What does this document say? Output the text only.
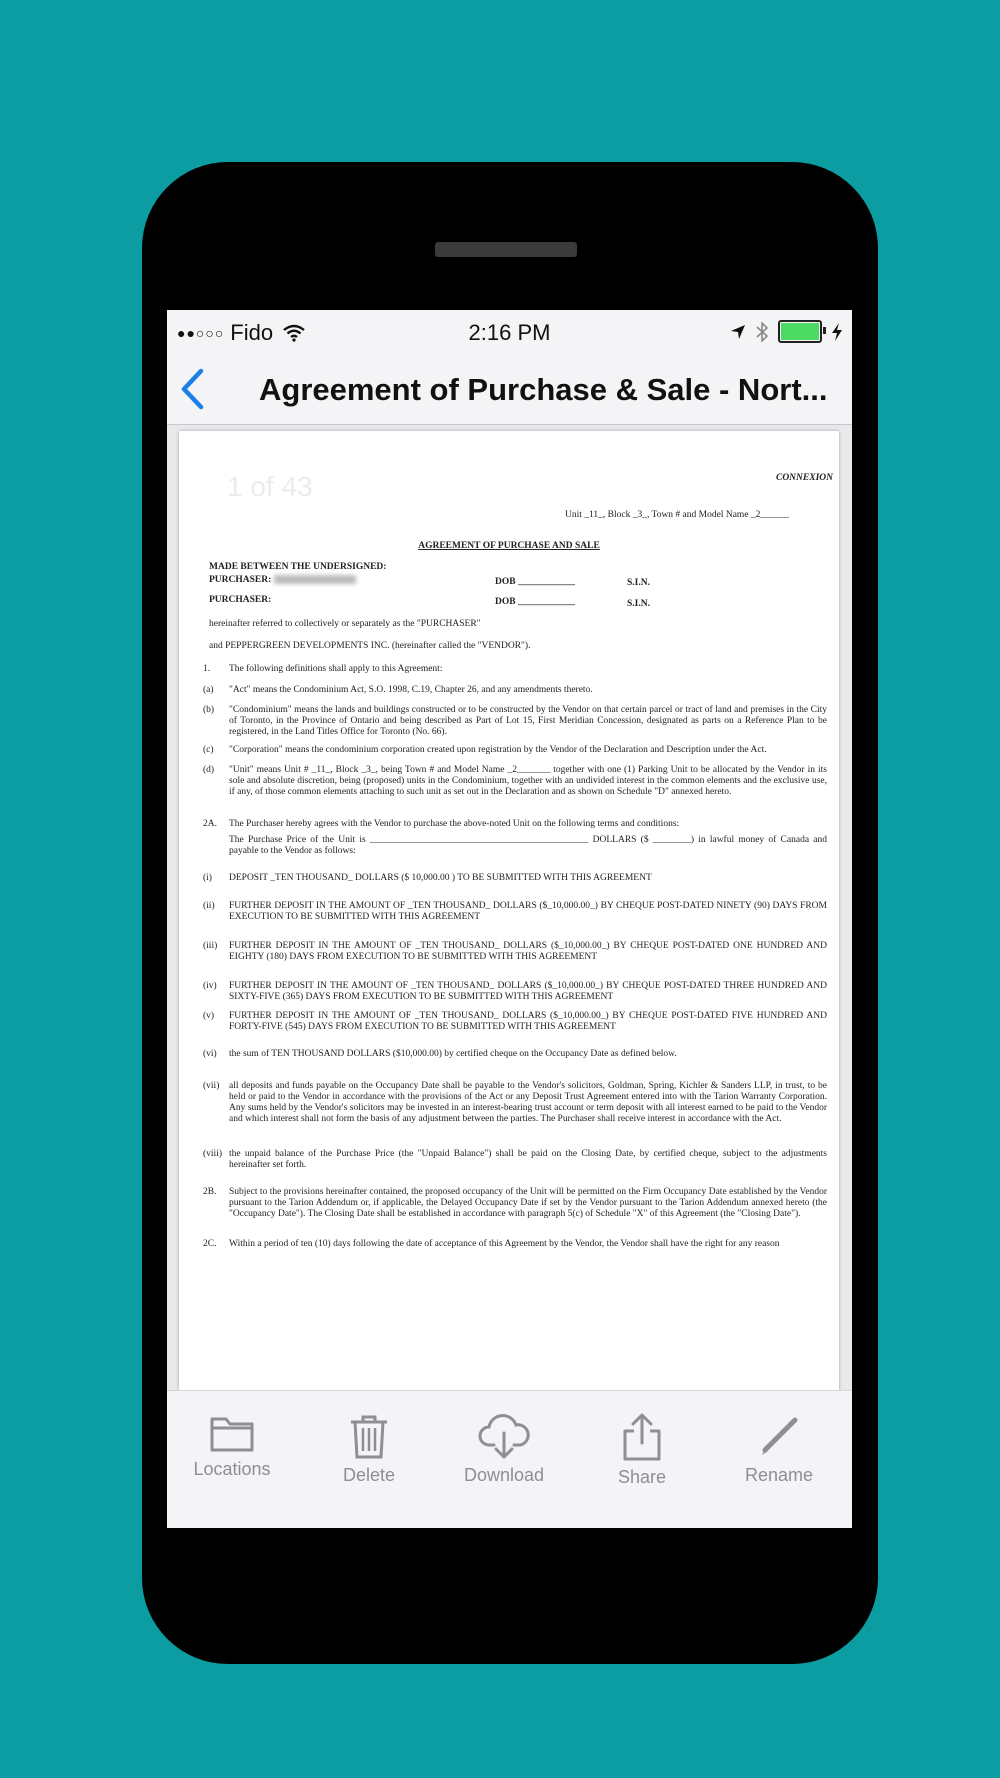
●●○○○ Fido	2:16 PM
Agreement of Purchase & Sale - Nort...
1 of 43	CONNEXION
Unit _11_, Block _3_, Town # and Model Name _2______
AGREEMENT OF PURCHASE AND SALE
MADE BETWEEN THE UNDERSIGNED:
PURCHASER:	DOB ____________	S.I.N.
PURCHASER:	DOB ____________	S.I.N.
hereinafter referred to collectively or separately as the "PURCHASER"
and PEPPERGREEN DEVELOPMENTS INC. (hereinafter called the "VENDOR").
1.	The following definitions shall apply to this Agreement:
(a)	"Act" means the Condominium Act, S.O. 1998, C.19, Chapter 26, and any amendments thereto.
(b)	"Condominium" means the lands and buildings constructed or to be constructed by the Vendor on that certain parcel or tract of land and premises in the City of Toronto, in the Province of Ontario and being described as Part of Lot 15, First Meridian Concession, designated as parts on a Reference Plan to be registered, in the Land Titles Office for Toronto (No. 66).
(c)	"Corporation" means the condominium corporation created upon registration by the Vendor of the Declaration and Description under the Act.
(d)	"Unit" means Unit # _11_, Block _3_, being Town # and Model Name _2_______ together with one (1) Parking Unit to be allocated by the Vendor in its sole and absolute discretion, being (proposed) units in the Condominium, together with an undivided interest in the common elements and the exclusive use, if any, of those common elements attaching to such unit as set out in the Declaration and as shown on Schedule "D" annexed hereto.
2A.	The Purchaser hereby agrees with the Vendor to purchase the above-noted Unit on the following terms and conditions:
The Purchase Price of the Unit is ______________________________________________ DOLLARS ($ ________) in lawful money of Canada and payable to the Vendor as follows:
(i)	DEPOSIT _TEN THOUSAND_ DOLLARS ($ 10,000.00 ) TO BE SUBMITTED WITH THIS AGREEMENT
(ii)	FURTHER DEPOSIT IN THE AMOUNT OF _TEN THOUSAND_ DOLLARS ($_10,000.00_) BY CHEQUE POST-DATED NINETY (90) DAYS FROM EXECUTION TO BE SUBMITTED WITH THIS AGREEMENT
(iii)	FURTHER DEPOSIT IN THE AMOUNT OF _TEN THOUSAND_ DOLLARS ($_10,000.00_) BY CHEQUE POST-DATED ONE HUNDRED AND EIGHTY (180) DAYS FROM EXECUTION TO BE SUBMITTED WITH THIS AGREEMENT
(iv)	FURTHER DEPOSIT IN THE AMOUNT OF _TEN THOUSAND_ DOLLARS ($_10,000.00_) BY CHEQUE POST-DATED THREE HUNDRED AND SIXTY-FIVE (365) DAYS FROM EXECUTION TO BE SUBMITTED WITH THIS AGREEMENT
(v)	FURTHER DEPOSIT IN THE AMOUNT OF _TEN THOUSAND_ DOLLARS ($_10,000.00_) BY CHEQUE POST-DATED FIVE HUNDRED AND FORTY-FIVE (545) DAYS FROM EXECUTION TO BE SUBMITTED WITH THIS AGREEMENT
(vi)	the sum of TEN THOUSAND DOLLARS ($10,000.00) by certified cheque on the Occupancy Date as defined below.
(vii)	all deposits and funds payable on the Occupancy Date shall be payable to the Vendor's solicitors, Goldman, Spring, Kichler & Sanders LLP, in trust, to be held or paid to the Vendor in accordance with the provisions of the Act or any Deposit Trust Agreement entered into with the Tarion Warranty Corporation. Any sums held by the Vendor's solicitors may be invested in an interest-bearing trust account or term deposit with all interest earned to be paid to the Vendor and which interest shall not form the basis of any adjustment between the parties. The Purchaser shall receive interest in accordance with the Act.
(viii) the unpaid balance of the Purchase Price (the "Unpaid Balance") shall be paid on the Closing Date, by certified cheque, subject to the adjustments hereinafter set forth.
2B.	Subject to the provisions hereinafter contained, the proposed occupancy of the Unit will be permitted on the Firm Occupancy Date established by the Vendor pursuant to the Tarion Addendum or, if applicable, the Delayed Occupancy Date if set by the Vendor pursuant to the Tarion Addendum annexed hereto (the "Occupancy Date"). The Closing Date shall be established in accordance with paragraph 5(c) of Schedule "X" of this Agreement (the "Closing Date").
2C.	Within a period of ten (10) days following the date of acceptance of this Agreement by the Vendor, the Vendor shall have the right for any reason
Locations	Delete	Download	Share	Rename
